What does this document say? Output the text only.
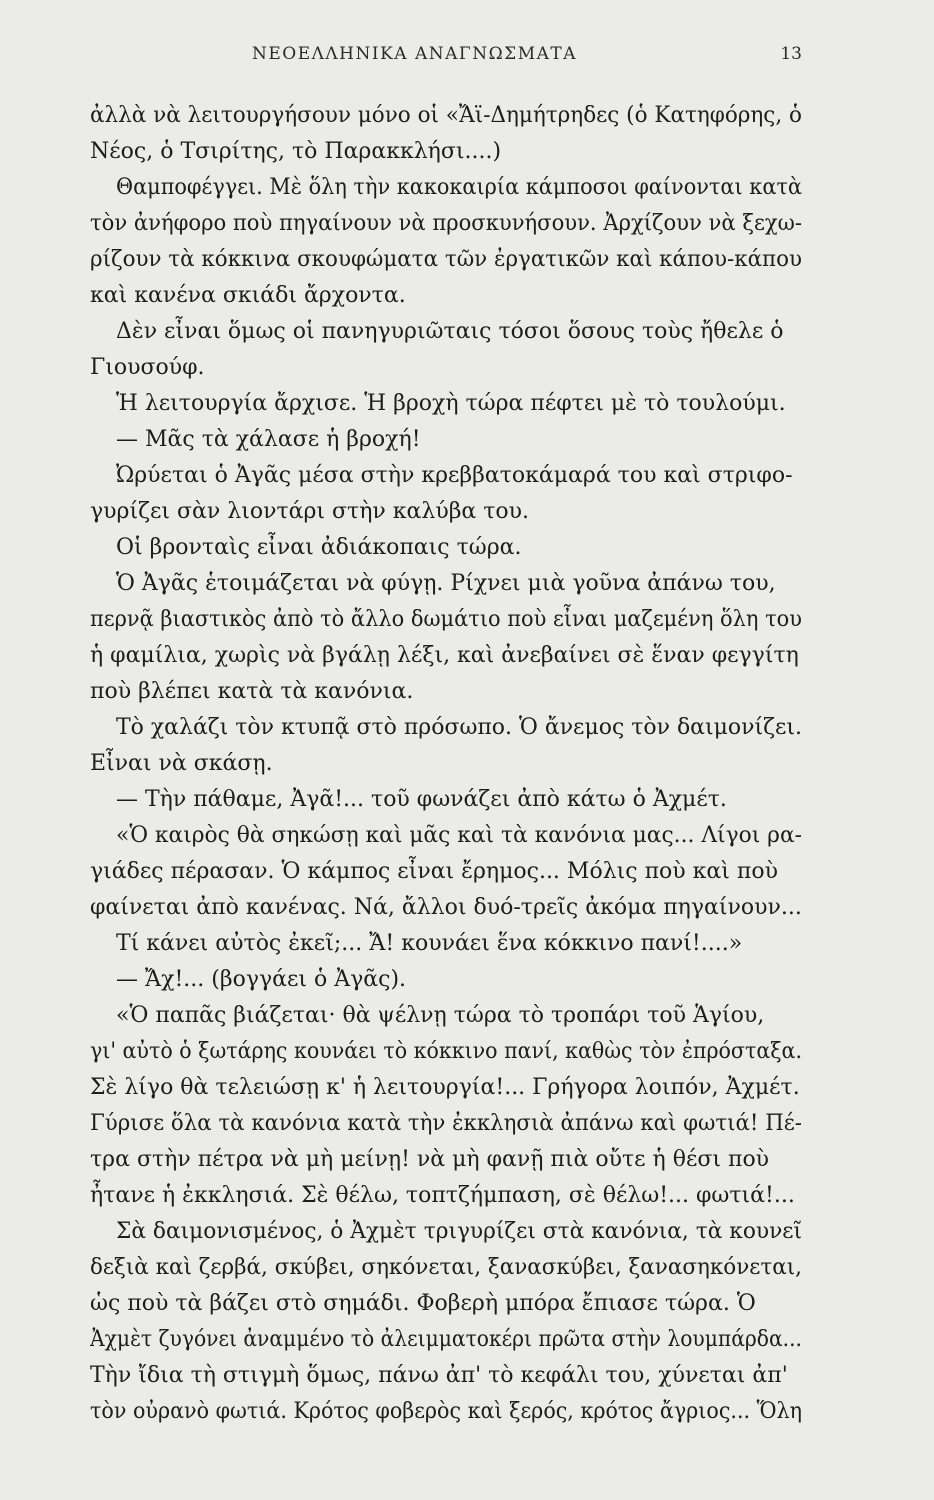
ΝΕΟΕΛΛΗΝΙΚΑ ΑΝΑΓΝΩΣΜΑΤΑ	13
ἀλλὰ νὰ λειτουργήσουν μόνο οἱ «Ἄϊ-Δημήτρηδες (ὁ Κατηφόρης, ὁ
Νέος, ὁ Τσιρίτης, τὸ Παρακκλήσι....)
Θαμποφέγγει. Μὲ ὅλη τὴν κακοκαιρία κάμποσοι φαίνονται κατὰ
τὸν ἀνήφορο ποὺ πηγαίνουν νὰ προσκυνήσουν. Ἀρχίζουν νὰ ξεχω-
ρίζουν τὰ κόκκινα σκουφώματα τῶν ἐργατικῶν καὶ κάπου-κάπου
καὶ κανένα σκιάδι ἄρχοντα.
Δὲν εἶναι ὅμως οἱ πανηγυριῶταις τόσοι ὅσους τοὺς ἤθελε ὁ
Γιουσούφ.
Ἡ λειτουργία ἄρχισε. Ἡ βροχὴ τώρα πέφτει μὲ τὸ τουλούμι.
— Μᾶς τὰ χάλασε ἡ βροχή!
Ὠρύεται ὁ Ἀγᾶς μέσα στὴν κρεββατοκάμαρά του καὶ στριφο-
γυρίζει σὰν λιοντάρι στὴν καλύβα του.
Οἱ βρονταὶς εἶναι ἀδιάκοπαις τώρα.
Ὁ Ἀγᾶς ἑτοιμάζεται νὰ φύγῃ. Ρίχνει μιὰ γοῦνα ἀπάνω του,
περνᾷ βιαστικὸς ἀπὸ τὸ ἄλλο δωμάτιο ποὺ εἶναι μαζεμένη ὅλη του
ἡ φαμίλια, χωρὶς νὰ βγάλῃ λέξι, καὶ ἀνεβαίνει σὲ ἕναν φεγγίτη
ποὺ βλέπει κατὰ τὰ κανόνια.
Τὸ χαλάζι τὸν κτυπᾷ στὸ πρόσωπο. Ὁ ἄνεμος τὸν δαιμονίζει.
Εἶναι νὰ σκάσῃ.
— Τὴν πάθαμε, Ἀγᾶ!... τοῦ φωνάζει ἀπὸ κάτω ὁ Ἀχμέτ.
«Ὁ καιρὸς θὰ σηκώσῃ καὶ μᾶς καὶ τὰ κανόνια μας... Λίγοι ρα-
γιάδες πέρασαν. Ὁ κάμπος εἶναι ἔρημος... Μόλις ποὺ καὶ ποὺ
φαίνεται ἀπὸ κανένας. Νά, ἄλλοι δυό-τρεῖς ἀκόμα πηγαίνουν...
Τί κάνει αὐτὸς ἐκεῖ;... Ἄ! κουνάει ἕνα κόκκινο πανί!....»
— Ἄχ!... (βογγάει ὁ Ἀγᾶς).
«Ὁ παπᾶς βιάζεται· θὰ ψέλνῃ τώρα τὸ τροπάρι τοῦ Ἁγίου,
γι' αὐτὸ ὁ ξωτάρης κουνάει τὸ κόκκινο πανί, καθὼς τὸν ἐπρόσταξα.
Σὲ λίγο θὰ τελειώσῃ κ' ἡ λειτουργία!... Γρήγορα λοιπόν, Ἀχμέτ.
Γύρισε ὅλα τὰ κανόνια κατὰ τὴν ἐκκλησιὰ ἀπάνω καὶ φωτιά! Πέ-
τρα στὴν πέτρα νὰ μὴ μείνῃ! νὰ μὴ φανῇ πιὰ οὔτε ἡ θέσι ποὺ
ἦτανε ἡ ἐκκλησιά. Σὲ θέλω, τοπτζήμπαση, σὲ θέλω!... φωτιά!...
Σὰ δαιμονισμένος, ὁ Ἀχμὲτ τριγυρίζει στὰ κανόνια, τὰ κουνεῖ
δεξιὰ καὶ ζερβά, σκύβει, σηκόνεται, ξανασκύβει, ξανασηκόνεται,
ὡς ποὺ τὰ βάζει στὸ σημάδι. Φοβερὴ μπόρα ἔπιασε τώρα. Ὁ
Ἀχμὲτ ζυγόνει ἀναμμένο τὸ ἀλειμματοκέρι πρῶτα στὴν λουμπάρδα...
Τὴν ἴδια τὴ στιγμὴ ὅμως, πάνω ἀπ' τὸ κεφάλι του, χύνεται ἀπ'
τὸν οὐρανὸ φωτιά. Κρότος φοβερὸς καὶ ξερός, κρότος ἄγριος... Ὅλη
